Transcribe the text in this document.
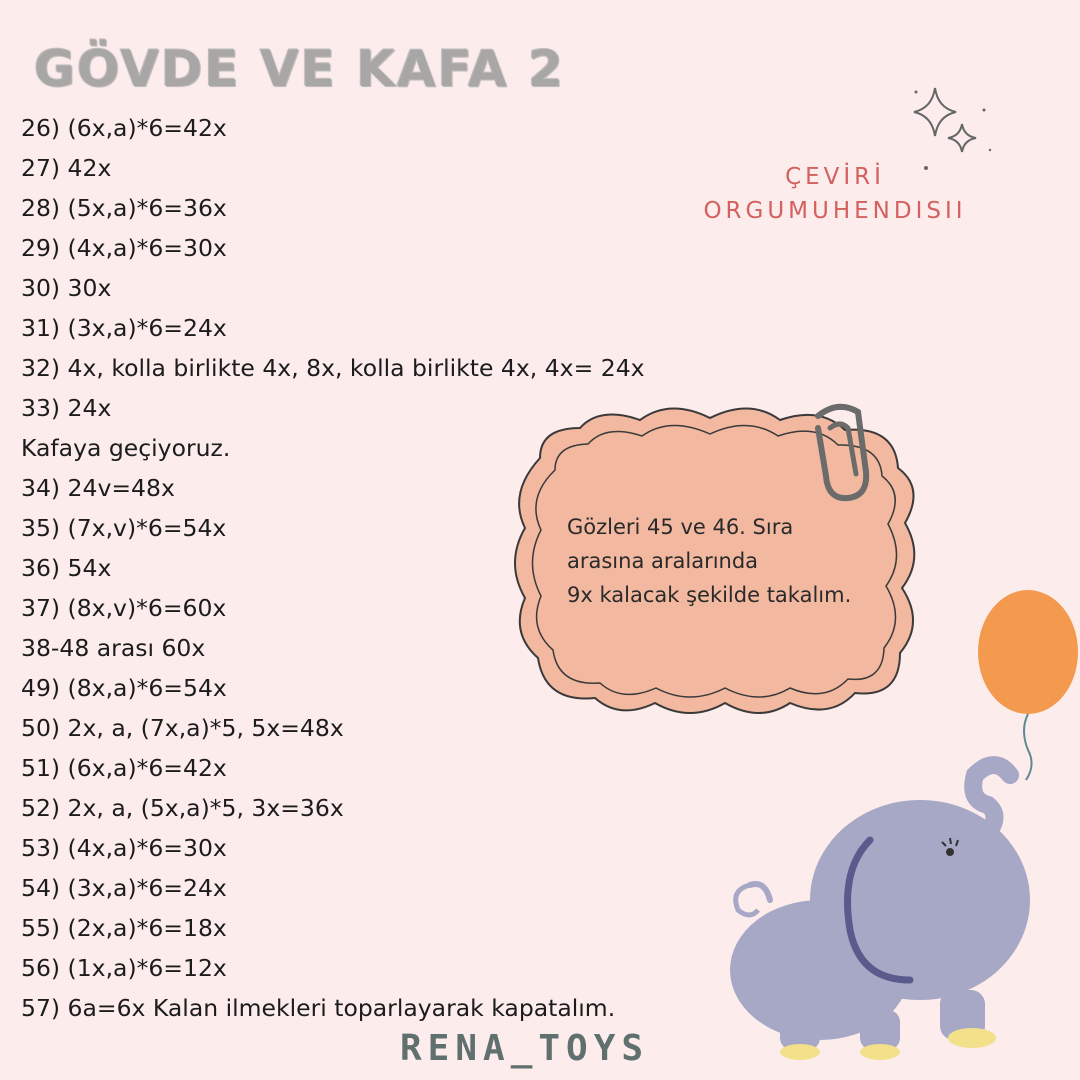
GÖVDE VE KAFA 2
26) (6x,a)*6=42x
27) 42x
28) (5x,a)*6=36x
29) (4x,a)*6=30x
30) 30x
31) (3x,a)*6=24x
32) 4x, kolla birlikte 4x, 8x, kolla birlikte 4x, 4x= 24x
33) 24x
Kafaya geçiyoruz.
34) 24v=48x
35) (7x,v)*6=54x
36) 54x
37) (8x,v)*6=60x
38-48 arası 60x
49) (8x,a)*6=54x
50) 2x, a, (7x,a)*5, 5x=48x
51) (6x,a)*6=42x
52) 2x, a, (5x,a)*5, 3x=36x
53) (4x,a)*6=30x
54) (3x,a)*6=24x
55) (2x,a)*6=18x
56) (1x,a)*6=12x
57) 6a=6x Kalan ilmekleri toparlayarak kapatalım.
ÇEVİRİ
ORGUMUHENDISII
Gözleri 45 ve 46. Sıra
arasına aralarında
9x kalacak şekilde takalım.
RENA_TOYS
